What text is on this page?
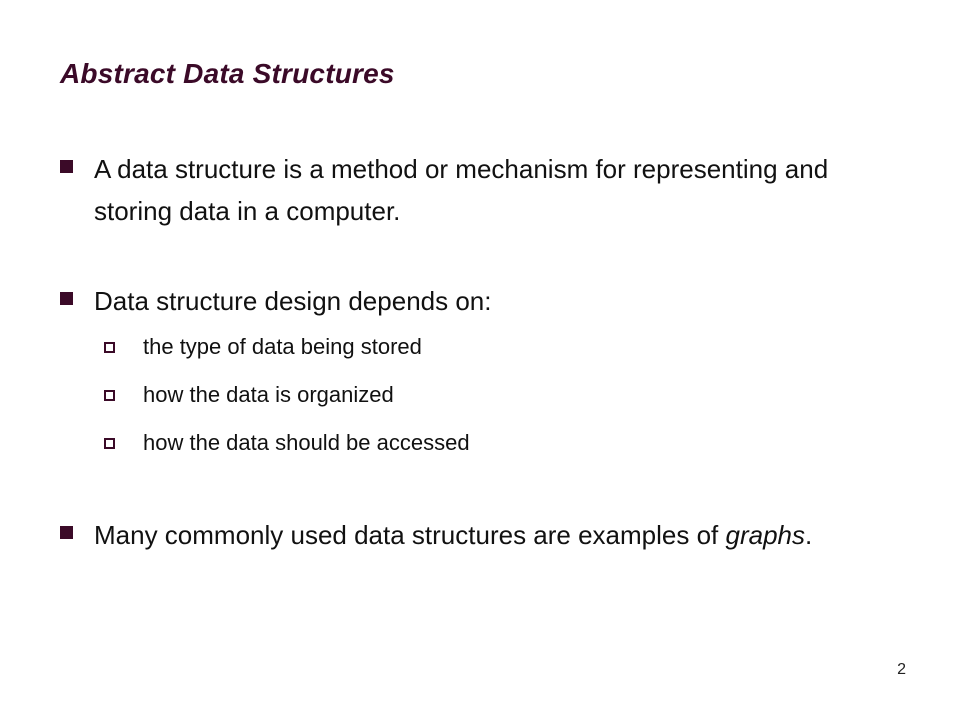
Abstract Data Structures
A data structure is a method or mechanism for representing and storing data in a computer.
Data structure design depends on:
the type of data being stored
how the data is organized
how the data should be accessed
Many commonly used data structures are examples of graphs.
2
